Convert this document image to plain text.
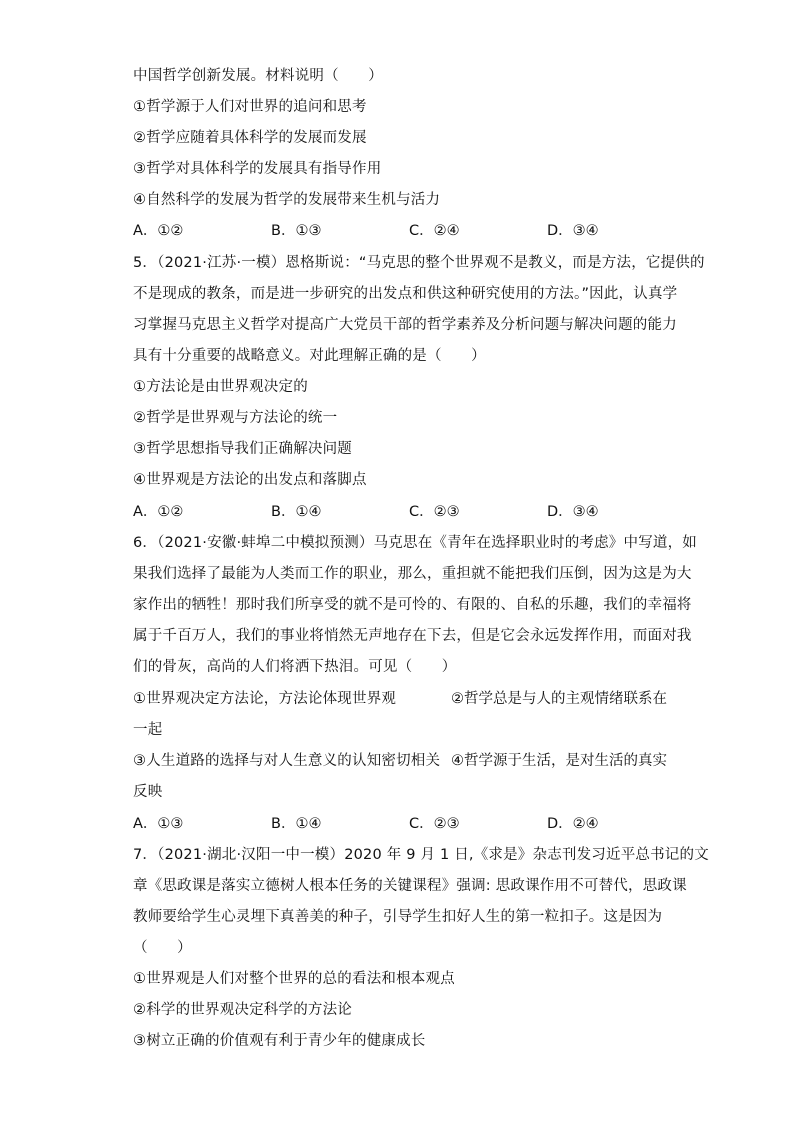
中国哲学创新发展。材料说明（　　）
①哲学源于人们对世界的追问和思考
②哲学应随着具体科学的发展而发展
③哲学对具体科学的发展具有指导作用
④自然科学的发展为哲学的发展带来生机与活力
A．①②	B．①③	C．②④	D．③④
5．（2021·江苏·一模）恩格斯说：“马克思的整个世界观不是教义，而是方法，它提供的
不是现成的教条，而是进一步研究的出发点和供这种研究使用的方法。”因此，认真学
习掌握马克思主义哲学对提高广大党员干部的哲学素养及分析问题与解决问题的能力
具有十分重要的战略意义。对此理解正确的是（　　）
①方法论是由世界观决定的
②哲学是世界观与方法论的统一
③哲学思想指导我们正确解决问题
④世界观是方法论的出发点和落脚点
A．①②	B．①④	C．②③	D．③④
6．（2021·安徽·蚌埠二中模拟预测）马克思在《青年在选择职业时的考虑》中写道，如
果我们选择了最能为人类而工作的职业，那么，重担就不能把我们压倒，因为这是为大
家作出的牺牲！那时我们所享受的就不是可怜的、有限的、自私的乐趣，我们的幸福将
属于千百万人，我们的事业将悄然无声地存在下去，但是它会永远发挥作用，而面对我
们的骨灰，高尚的人们将洒下热泪。可见（　　）
①世界观决定方法论，方法论体现世界观	②哲学总是与人的主观情绪联系在
一起
③人生道路的选择与对人生意义的认知密切相关 ④哲学源于生活，是对生活的真实
反映
A．①③	B．①④	C．②③	D．②④
7．（2021·湖北·汉阳一中一模）2020 年 9 月 1 日,《求是》杂志刊发习近平总书记的文
章《思政课是落实立德树人根本任务的关键课程》强调: 思政课作用不可替代，思政课
教师要给学生心灵埋下真善美的种子，引导学生扣好人生的第一粒扣子。这是因为
（　　）
①世界观是人们对整个世界的总的看法和根本观点
②科学的世界观决定科学的方法论
③树立正确的价值观有利于青少年的健康成长
